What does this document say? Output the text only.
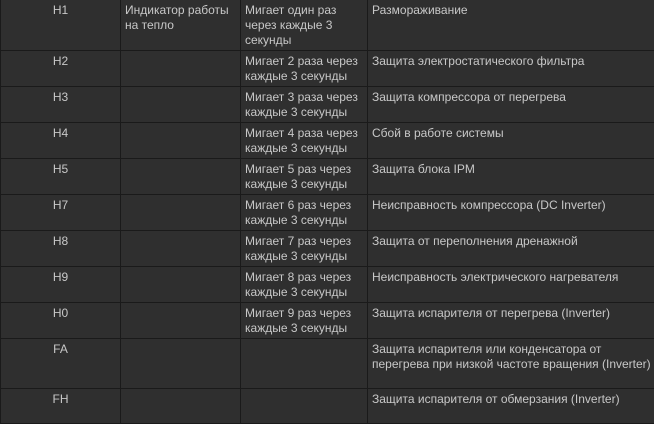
H1	Индикатор работы на тепло	Мигает один раз через каждые 3 секунды	Размораживание
H2		Мигает 2 раза через каждые 3 секунды	Защита электростатического фильтра
H3		Мигает 3 раза через каждые 3 секунды	Защита компрессора от перегрева
H4		Мигает 4 раза через каждые 3 секунды	Сбой в работе системы
H5		Мигает 5 раз через каждые 3 секунды	Защита блока IPM
H7		Мигает 6 раз через каждые 3 секунды	Неисправность компрессора (DC Inverter)
H8		Мигает 7 раз через каждые 3 секунды	Защита от переполнения дренажной
H9		Мигает 8 раз через каждые 3 секунды	Неисправность электрического нагревателя
H0		Мигает 9 раз через каждые 3 секунды	Защита испарителя от перегрева (Inverter)
FA			Защита испарителя или конденсатора от перегрева при низкой частоте вращения (Inverter)
FH			Защита испарителя от обмерзания (Inverter)
